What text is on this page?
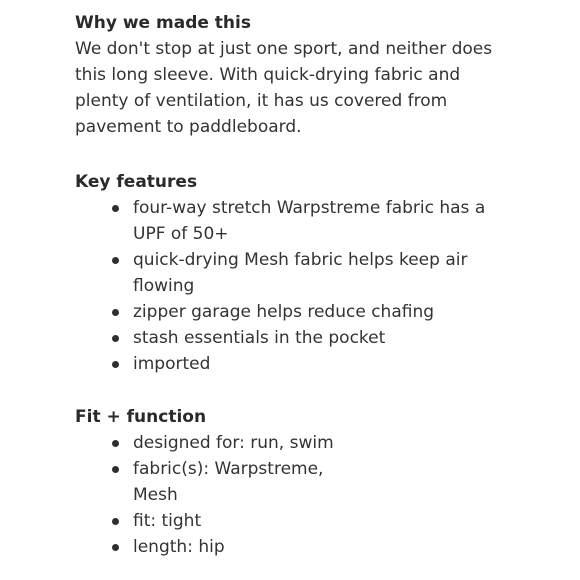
Why we made this

We don't stop at just one sport, and neither does
this long sleeve. With quick-drying fabric and
plenty of ventilation, it has us covered from
pavement to paddleboard.

Key features
four-way stretch Warpstreme fabric has a UPF of 50+
quick-drying Mesh fabric helps keep air flowing
zipper garage helps reduce chafing
stash essentials in the pocket
imported
Fit + function
designed for: run, swim
fabric(s): Warpstreme, Mesh
fit: tight
length: hip
